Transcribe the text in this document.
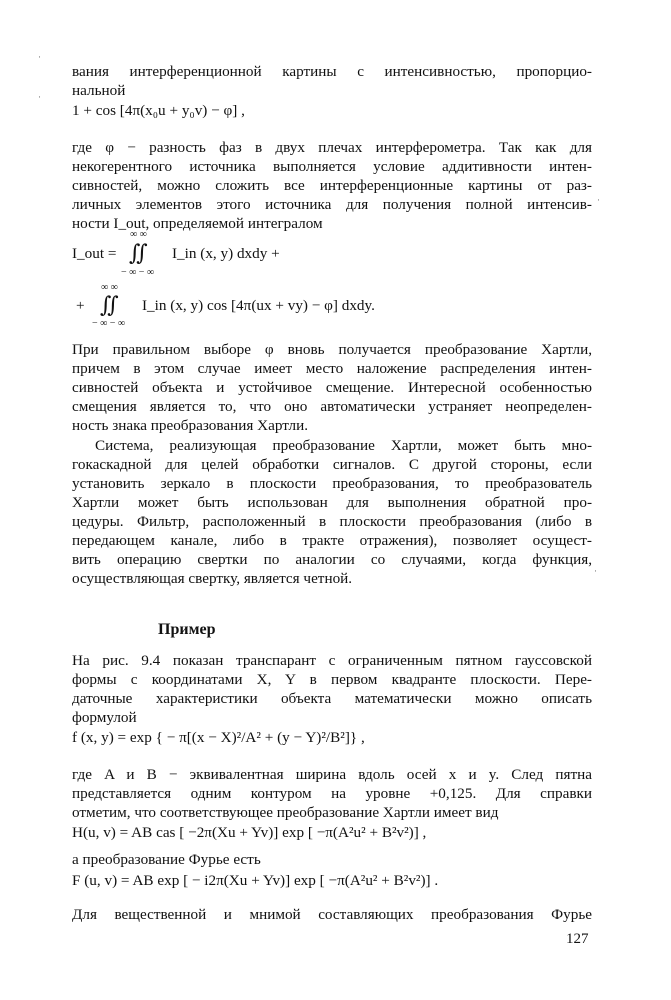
вания интерференционной картины с интенсивностью, пропорцио-
нальной
1 + cos [4π(x₀u + y₀v) − φ] ,
где φ − разность фаз в двух плечах интерферометра. Так как для
некогерентного источника выполняется условие аддитивности интен-
сивностей, можно сложить все интерференционные картины от раз-
личных элементов этого источника для получения полной интенсив-
ности I_out, определяемой интегралом
∞ ∞
I_out = ∬ I_in (x, y) dxdy +
− ∞ − ∞
∞ ∞
+ ∬ I_in (x, y) cos [4π(ux + vy) − φ] dxdy.
− ∞ − ∞
При правильном выборе φ вновь получается преобразование Хартли,
причем в этом случае имеет место наложение распределения интен-
сивностей объекта и устойчивое смещение. Интересной особенностью
смещения является то, что оно автоматически устраняет неопределен-
ность знака преобразования Хартли.
Система, реализующая преобразование Хартли, может быть мно-
гокаскадной для целей обработки сигналов. С другой стороны, если
установить зеркало в плоскости преобразования, то преобразователь
Хартли может быть использован для выполнения обратной про-
цедуры. Фильтр, расположенный в плоскости преобразования (либо в
передающем канале, либо в тракте отражения), позволяет осущест-
вить операцию свертки по аналогии со случаями, когда функция,
осуществляющая свертку, является четной.
Пример
На рис. 9.4 показан транспарант с ограниченным пятном гауссовской
формы с координатами X, Y в первом квадранте плоскости. Пере-
даточные характеристики объекта математически можно описать
формулой
f (x, y) = exp { − π[(x − X)²/A² + (y − Y)²/B²]} ,
где A и B − эквивалентная ширина вдоль осей x и y. След пятна
представляется одним контуром на уровне +0,125. Для справки
отметим, что соответствующее преобразование Хартли имеет вид
H(u, v) = AB cas [ −2π(Xu + Yv)] exp [ −π(A²u² + B²v²)] ,
а преобразование Фурье есть
F (u, v) = AB exp [ − i2π(Xu + Yv)] exp [ −π(A²u² + B²v²)] .
Для вещественной и мнимой составляющих преобразования Фурье
127
·
·
·
·
